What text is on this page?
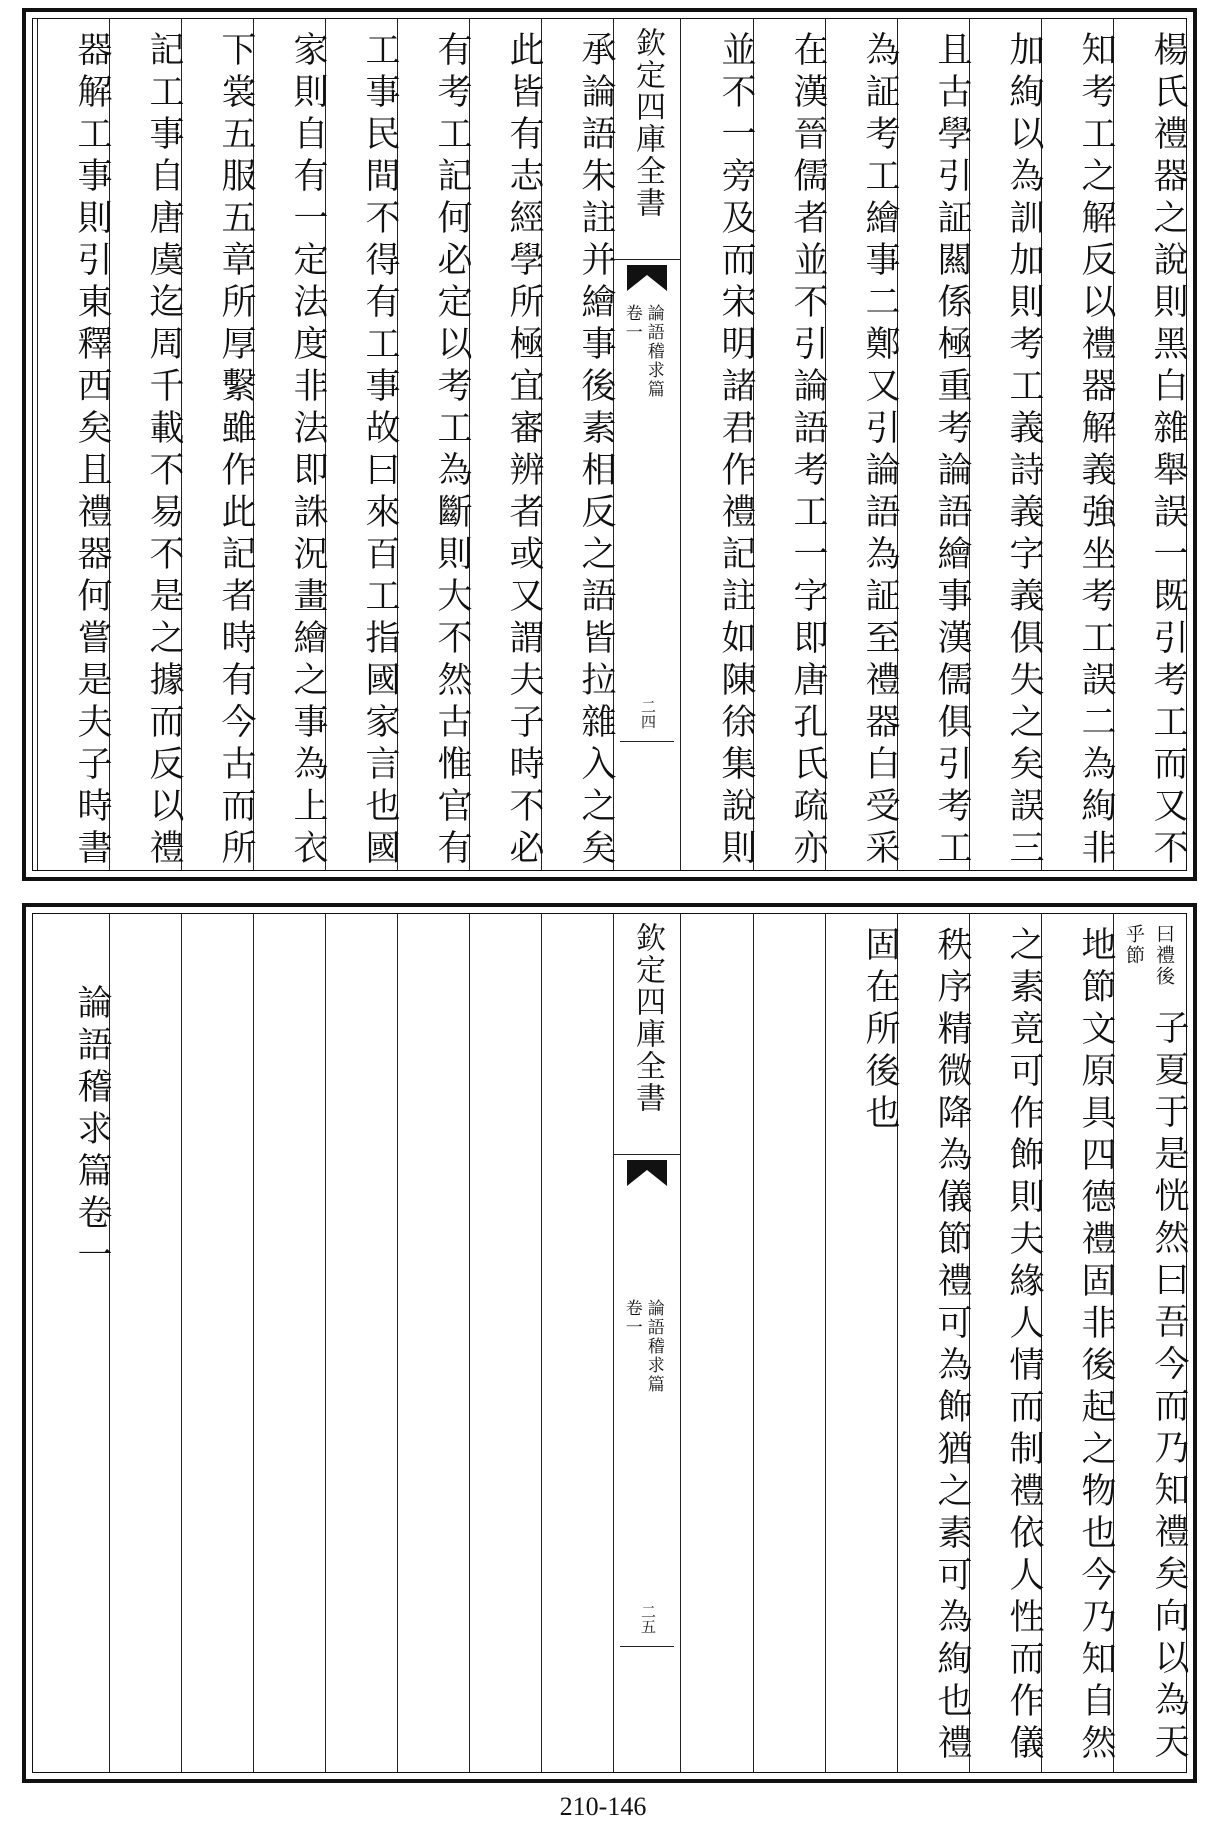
楊氏禮器之說則黑白雜舉誤一既引考工而又不
知考工之解反以禮器解義強坐考工誤二為絢非
加絢以為訓加則考工義詩義字義俱失之矣誤三
且古學引証闗係極重考論語繪事漢儒俱引考工
為証考工繪事二鄭又引論語為証至禮器白受采
在漢晉儒者並不引論語考工一字即唐孔氏疏亦
並不一旁及而宋明諸君作禮記註如陳徐集說則
欽定四庫全書
論語稽求篇
卷一
二四
承論語朱註并繪事後素相反之語皆拉雜入之矣
此皆有志經學所極宜審辨者或又謂夫子時不必
有考工記何必定以考工為斷則大不然古惟官有
工事民間不得有工事故曰來百工指國家言也國
家則自有一定法度非法即誅況畫繪之事為上衣
下裳五服五章所厚繫雖作此記者時有今古而所
記工事自唐虞迄周千載不易不是之據而反以禮
器解工事則引東釋西矣且禮器何嘗是夫子時書
曰禮後
乎節
子夏于是恍然曰吾今而乃知禮矣向以為天
地節文原具四德禮固非後起之物也今乃知自然
之素竟可作飾則夫緣人情而制禮依人性而作儀
秩序精微降為儀節禮可為飾猶之素可為絢也禮
固在所後也
欽定四庫全書
論語稽求篇
卷一
二五
論語稽求篇卷一
210-146
